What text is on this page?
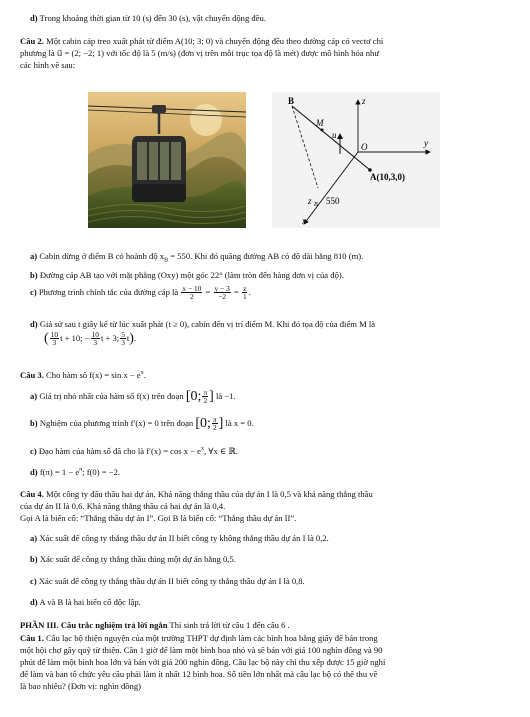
d) Trong khoảng thời gian từ 10 (s) đến 30 (s), vật chuyển động đều.
Câu 2. Một cabin cáp treo xuất phát từ điểm A(10; 3; 0) và chuyển động đều theo đường cáp có vectơ chỉ
phương là u⃗ = (2; −2; 1) với tốc độ là 5 (m/s) (đơn vị trên mỗi trục tọa độ là mét) được mô hình hóa như
các hình vẽ sau:
B
M
u⃗
O	y
z
x
A(10,3,0)
z B 550
a) Cabin dừng ở điểm B có hoành độ $x_B = 550$. Khi đó quãng đường AB có độ dài bằng 810 (m).
b) Đường cáp AB tạo với mặt phẳng (Oxy) một góc 22° (làm tròn đến hàng đơn vị của độ).
c) Phương trình chính tắc của đường cáp là $\frac{x - 10}{2} = \frac{y - 3}{-2} = \frac{z}{1}$ .
d) Giả sử sau t giây kể từ lúc xuất phát (t ≥ 0), cabin đến vị trí điểm M. Khi đó tọa độ của điểm M là
( $\frac{10}{3}$ t + 10; − $\frac{10}{3}$ t + 3; $\frac{5}{3} t$).
Câu 3. Cho hàm số $f(x) = \sin x - e^x$.
a) Giá trị nhỏ nhất của hàm số f(x) trên đoạn [0; $\frac{\pi}{2}$ ] là −1.
b) Nghiệm của phương trình f′(x) = 0 trên đoạn [0; $\frac{\pi}{2}$ ] là x = 0.
c) Đạo hàm của hàm số đã cho là $f'(x) = \cos x - e^x$, ∀x ∈ ℝ.
d) $f(\pi) = 1 - e^\pi$; f(0) = −2.
Câu 4. Một công ty đấu thầu hai dự án. Khả năng thắng thầu của dự án I là 0,5 và khả năng thắng thầu
của dự án II là 0,6. Khả năng thắng thầu cả hai dự án là 0,4.
Gọi A là biến cố: “Thắng thầu dự án I”. Gọi B là biến cố: “Thắng thầu dự án II”.
a) Xác suất để công ty thắng thầu dự án II biết công ty không thắng thầu dự án I là 0,2.
b) Xác suất để công ty thắng thầu đúng một dự án bằng 0,5.
c) Xác suất để công ty thắng thầu dự án II biết công ty thắng thầu dự án I là 0,8.
d) A và B là hai biến cố độc lập.
PHẦN III. Câu trắc nghiệm trả lời ngắn Thí sinh trả lời từ câu 1 đến câu 6 .
Câu 1. Câu lạc bộ thiện nguyện của một trường THPT dự định làm các bình hoa bằng giấy để bán trong
một hội chợ gây quỹ từ thiện. Cần 1 giờ để làm một bình hoa nhỏ và sẽ bán với giá 100 nghìn đồng và 90
phút để làm một bình hoa lớn và bán với giá 200 nghìn đồng. Câu lạc bộ này chỉ thu xếp được 15 giờ nghỉ
để làm và ban tổ chức yêu cầu phải làm ít nhất 12 bình hoa. Số tiền lớn nhất mà câu lạc bộ có thể thu về
là bao nhiêu? (Đơn vị: nghìn đồng)
